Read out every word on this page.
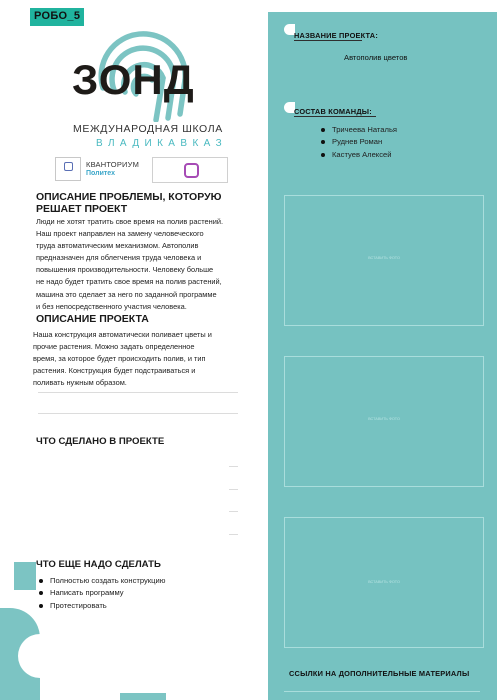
РОБО_5
ЗОНД
МЕЖДУНАРОДНАЯ ШКОЛА
ВЛАДИКАВКАЗ

КВАНТОРИУМ
Политех
ОПИСАНИЕ ПРОБЛЕМЫ, КОТОРУЮ
РЕШАЕТ ПРОЕКТ
Люди не хотят тратить свое время на полив растений.
Наш проект направлен на замену человеческого
труда автоматическим механизмом. Автополив
предназначен для облегчения труда человека и
повышения производительности. Человеку больше
не надо будет тратить свое время на полив растений,
машина это сделает за него по заданной программе
и без непосредственного участия человека.
ОПИСАНИЕ ПРОЕКТА
Наша конструкция автоматически поливает цветы и
прочие растения. Можно задать определенное
время, за которое будет происходить полив, и тип
растения. Конструкция будет подстраиваться и
поливать нужным образом.
ЧТО СДЕЛАНО В ПРОЕКТЕ
ЧТО ЕЩЕ НАДО СДЕЛАТЬ
Полностью создать конструкцию
Написать программу
Протестировать
НАЗВАНИЕ ПРОЕКТА:
Автополив цветов
СОСТАВ КОМАНДЫ:
Тричеева Наталья
Руднев Роман
Кастуев Алексей
ВСТАВИТЬ ФОТО
ВСТАВИТЬ ФОТО
ВСТАВИТЬ ФОТО
ССЫЛКИ НА ДОПОЛНИТЕЛЬНЫЕ МАТЕРИАЛЫ
